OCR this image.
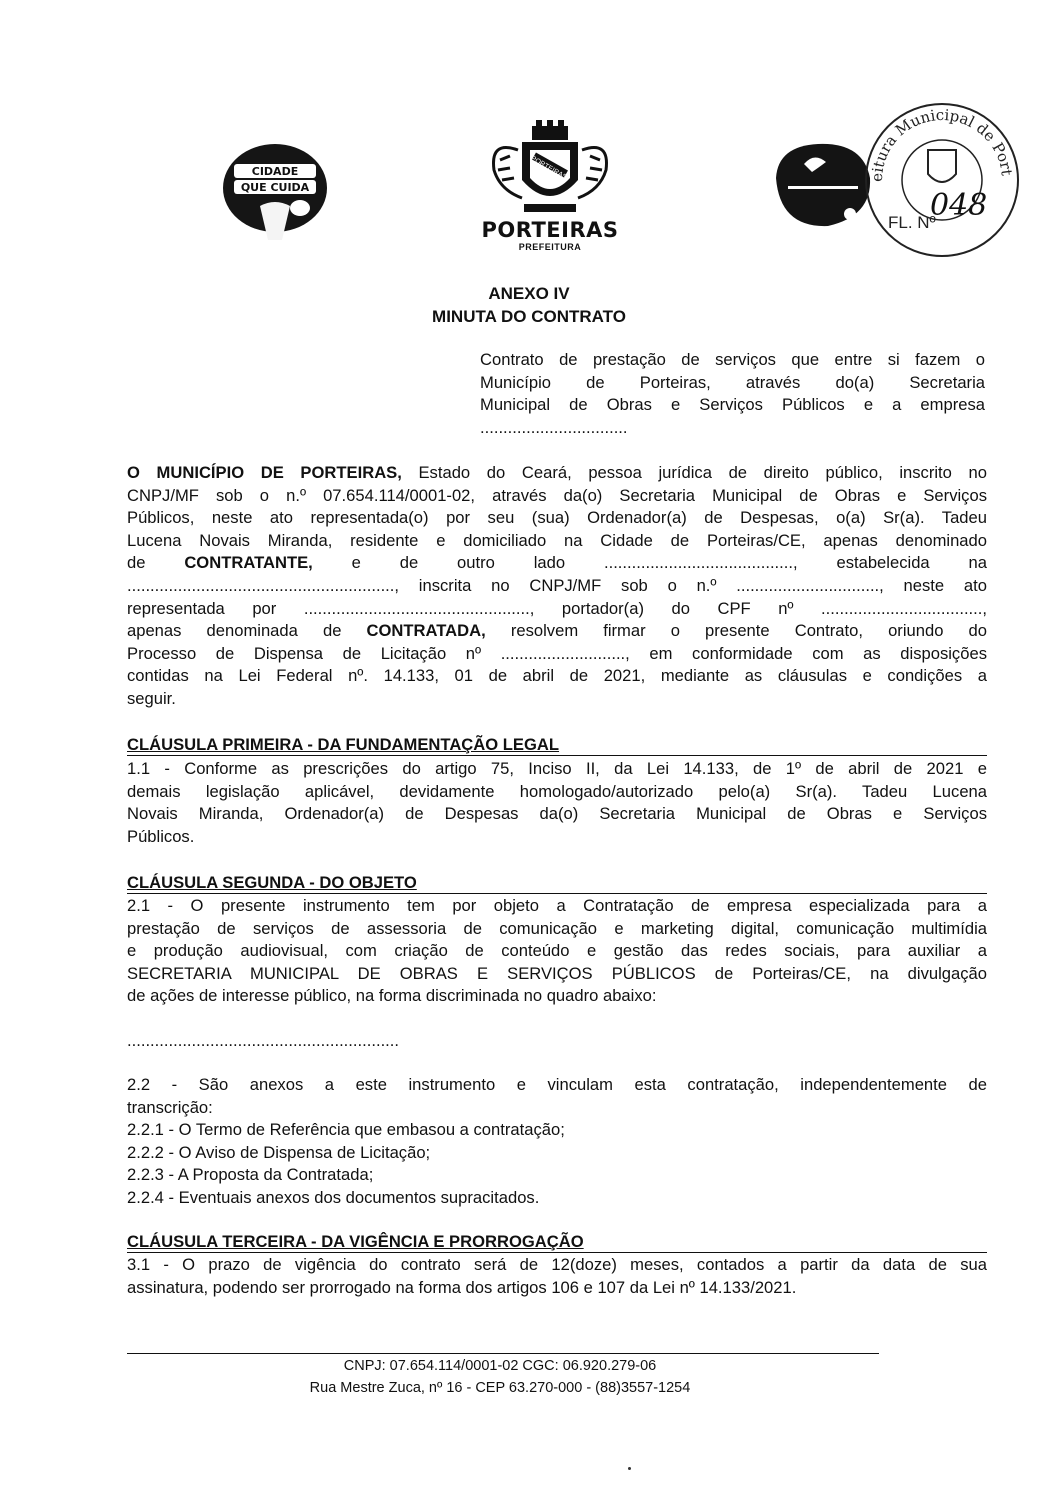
CIDADE
QUE CUIDA
PORTEIRAS
PORTEIRAS
PREFEITURA
eitura Municipal de Port
FL. Nº
048
ANEXO IV
MINUTA DO CONTRATO
Contrato de prestação de serviços que entre si fazem o
Município de Porteiras, através do(a) Secretaria
Municipal de Obras e Serviços Públicos e a empresa
................................
O MUNICÍPIO DE PORTEIRAS, Estado do Ceará, pessoa jurídica de direito público, inscrito no
CNPJ/MF sob o n.º 07.654.114/0001-02, através da(o) Secretaria Municipal de Obras e Serviços
Públicos, neste ato representada(o) por seu (sua) Ordenador(a) de Despesas, o(a) Sr(a). Tadeu
Lucena Novais Miranda, residente e domiciliado na Cidade de Porteiras/CE, apenas denominado
de CONTRATANTE, e de outro lado ........................................., estabelecida na
.........................................................., inscrita no CNPJ/MF sob o n.º ..............................., neste ato
representada por ................................................., portador(a) do CPF nº ...................................,
apenas denominada de CONTRATADA, resolvem firmar o presente Contrato, oriundo do
Processo de Dispensa de Licitação nº ..........................., em conformidade com as disposições
contidas na Lei Federal nº. 14.133, 01 de abril de 2021, mediante as cláusulas e condições a
seguir.
CLÁUSULA PRIMEIRA - DA FUNDAMENTAÇÃO LEGAL
1.1 - Conforme as prescrições do artigo 75, Inciso II, da Lei 14.133, de 1º de abril de 2021 e
demais legislação aplicável, devidamente homologado/autorizado pelo(a) Sr(a). Tadeu Lucena
Novais Miranda, Ordenador(a) de Despesas da(o) Secretaria Municipal de Obras e Serviços
Públicos.
CLÁUSULA SEGUNDA - DO OBJETO
2.1 - O presente instrumento tem por objeto a Contratação de empresa especializada para a
prestação de serviços de assessoria de comunicação e marketing digital, comunicação multimídia
e produção audiovisual, com criação de conteúdo e gestão das redes sociais, para auxiliar a
SECRETARIA MUNICIPAL DE OBRAS E SERVIÇOS PÚBLICOS de Porteiras/CE, na divulgação
de ações de interesse público, na forma discriminada no quadro abaixo:
...........................................................
2.2 - São anexos a este instrumento e vinculam esta contratação, independentemente de
transcrição:
2.2.1 - O Termo de Referência que embasou a contratação;
2.2.2 - O Aviso de Dispensa de Licitação;
2.2.3 - A Proposta da Contratada;
2.2.4 - Eventuais anexos dos documentos supracitados.
CLÁUSULA TERCEIRA - DA VIGÊNCIA E PRORROGAÇÃO
3.1 - O prazo de vigência do contrato será de 12(doze) meses, contados a partir da data de sua
assinatura, podendo ser prorrogado na forma dos artigos 106 e 107 da Lei nº 14.133/2021.
CNPJ: 07.654.114/0001-02 CGC: 06.920.279-06
Rua Mestre Zuca, nº 16 - CEP 63.270-000 - (88)3557-1254
